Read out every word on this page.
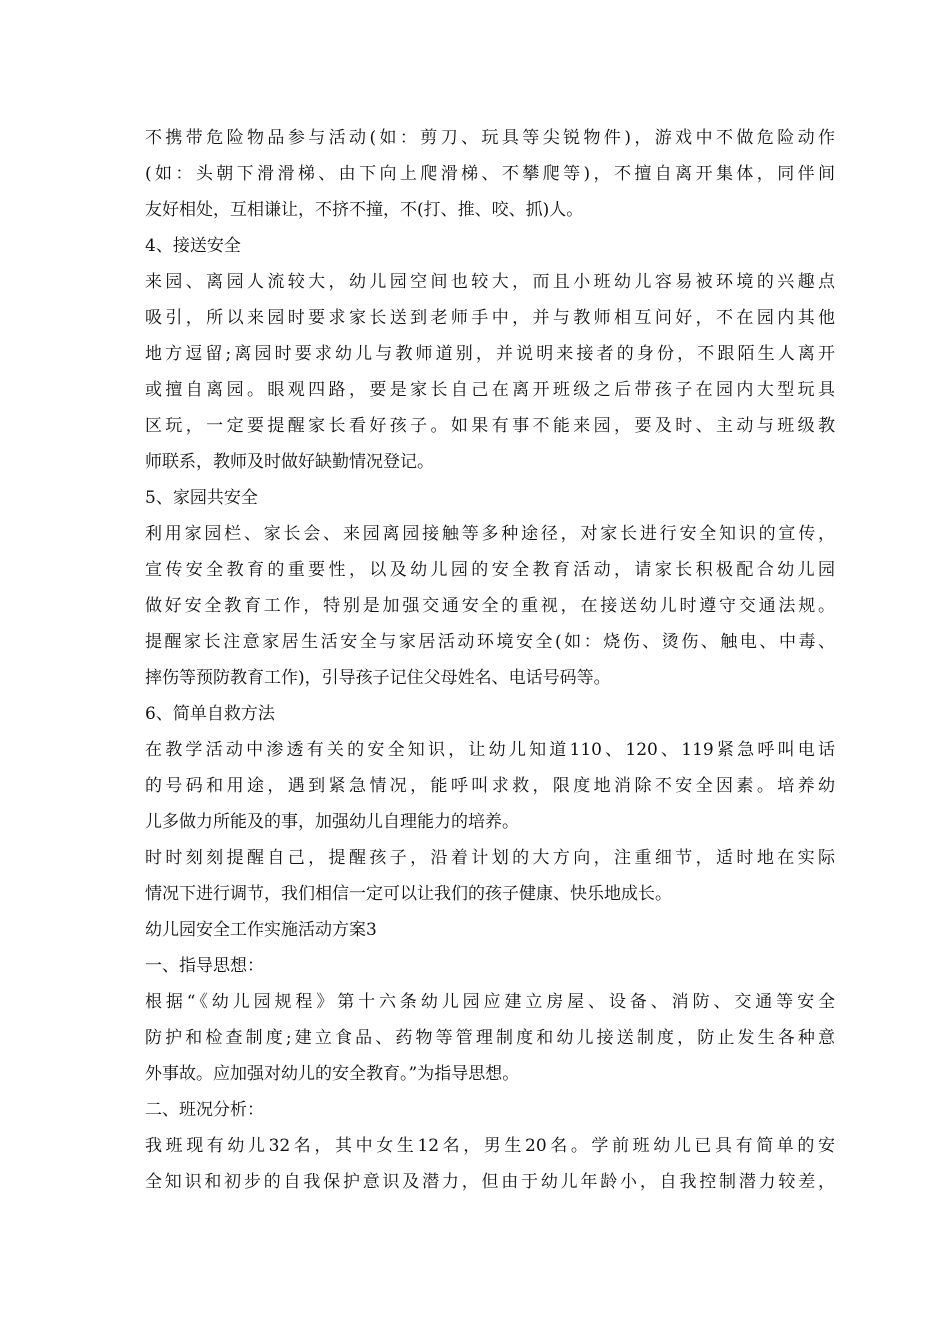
不携带危险物品参与活动(如：剪刀、玩具等尖锐物件)，游戏中不做危险动作
(如：头朝下滑滑梯、由下向上爬滑梯、不攀爬等)，不擅自离开集体，同伴间
友好相处，互相谦让，不挤不撞，不(打、推、咬、抓)人。
4、接送安全
来园、离园人流较大，幼儿园空间也较大，而且小班幼儿容易被环境的兴趣点
吸引，所以来园时要求家长送到老师手中，并与教师相互问好，不在园内其他
地方逗留;离园时要求幼儿与教师道别，并说明来接者的身份，不跟陌生人离开
或擅自离园。眼观四路，要是家长自己在离开班级之后带孩子在园内大型玩具
区玩，一定要提醒家长看好孩子。如果有事不能来园，要及时、主动与班级教
师联系，教师及时做好缺勤情况登记。
5、家园共安全
利用家园栏、家长会、来园离园接触等多种途径，对家长进行安全知识的宣传，
宣传安全教育的重要性，以及幼儿园的安全教育活动，请家长积极配合幼儿园
做好安全教育工作，特别是加强交通安全的重视，在接送幼儿时遵守交通法规。
提醒家长注意家居生活安全与家居活动环境安全(如：烧伤、烫伤、触电、中毒、
摔伤等预防教育工作)，引导孩子记住父母姓名、电话号码等。
6、简单自救方法
在教学活动中渗透有关的安全知识，让幼儿知道110、120、119紧急呼叫电话
的号码和用途，遇到紧急情况，能呼叫求救，限度地消除不安全因素。培养幼
儿多做力所能及的事，加强幼儿自理能力的培养。
时时刻刻提醒自己，提醒孩子，沿着计划的大方向，注重细节，适时地在实际
情况下进行调节，我们相信一定可以让我们的孩子健康、快乐地成长。
幼儿园安全工作实施活动方案3
一、指导思想：
根据“《幼儿园规程》第十六条幼儿园应建立房屋、设备、消防、交通等安全
防护和检查制度;建立食品、药物等管理制度和幼儿接送制度，防止发生各种意
外事故。应加强对幼儿的安全教育。”为指导思想。
二、班况分析：
我班现有幼儿32名，其中女生12名，男生20名。学前班幼儿已具有简单的安
全知识和初步的自我保护意识及潜力，但由于幼儿年龄小，自我控制潜力较差，
